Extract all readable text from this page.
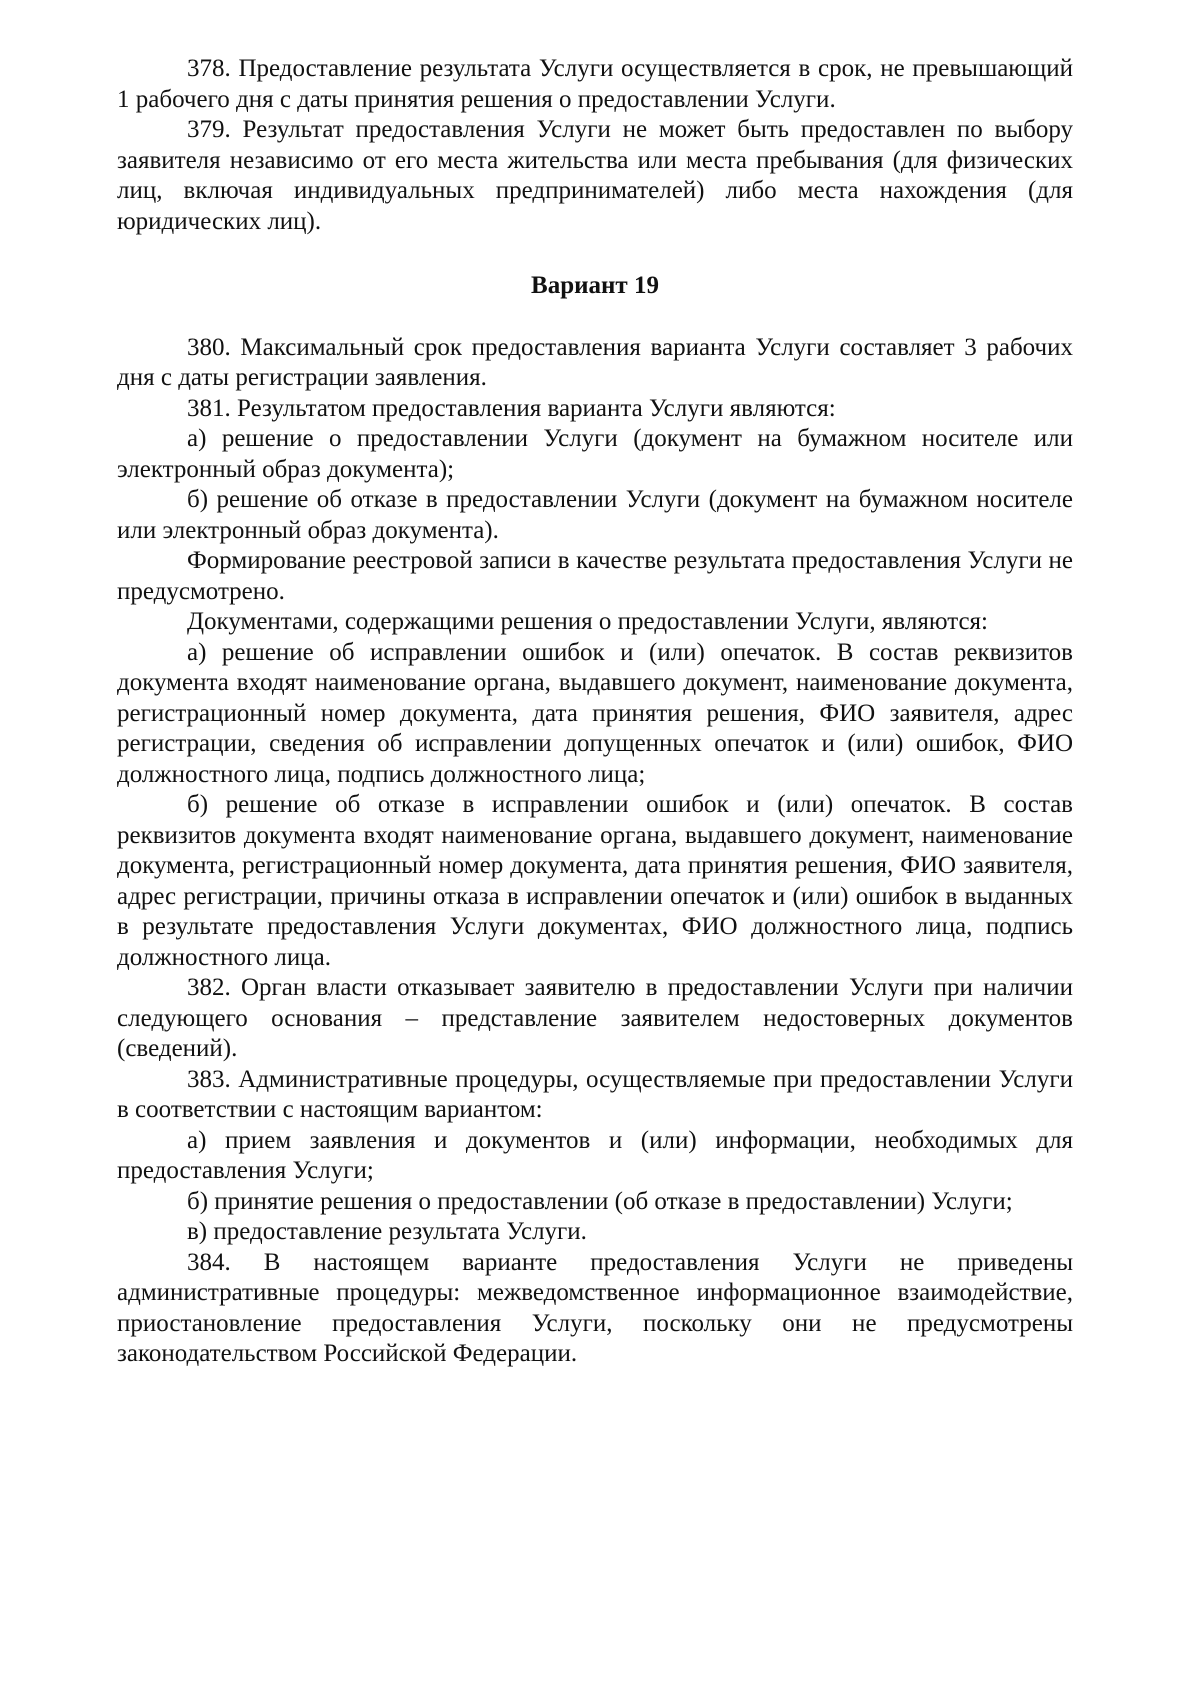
378. Предоставление результата Услуги осуществляется в срок, не превышающий 1 рабочего дня с даты принятия решения о предоставлении Услуги.

379. Результат предоставления Услуги не может быть предоставлен по выбору заявителя независимо от его места жительства или места пребывания (для физических лиц, включая индивидуальных предпринимателей) либо места нахождения (для юридических лиц).

Вариант 19

380. Максимальный срок предоставления варианта Услуги составляет 3 рабочих дня с даты регистрации заявления.

381. Результатом предоставления варианта Услуги являются:

а) решение о предоставлении Услуги (документ на бумажном носителе или электронный образ документа);

б) решение об отказе в предоставлении Услуги (документ на бумажном носителе или электронный образ документа).

Формирование реестровой записи в качестве результата предоставления Услуги не предусмотрено.

Документами, содержащими решения о предоставлении Услуги, являются:

а) решение об исправлении ошибок и (или) опечаток. В состав реквизитов документа входят наименование органа, выдавшего документ, наименование документа, регистрационный номер документа, дата принятия решения, ФИО заявителя, адрес регистрации, сведения об исправлении допущенных опечаток и (или) ошибок, ФИО должностного лица, подпись должностного лица;

б) решение об отказе в исправлении ошибок и (или) опечаток. В состав реквизитов документа входят наименование органа, выдавшего документ, наименование документа, регистрационный номер документа, дата принятия решения, ФИО заявителя, адрес регистрации, причины отказа в исправлении опечаток и (или) ошибок в выданных в результате предоставления Услуги документах, ФИО должностного лица, подпись должностного лица.

382. Орган власти отказывает заявителю в предоставлении Услуги при наличии следующего основания – представление заявителем недостоверных документов (сведений).

383. Административные процедуры, осуществляемые при предоставлении Услуги в соответствии с настоящим вариантом:

а) прием заявления и документов и (или) информации, необходимых для предоставления Услуги;

б) принятие решения о предоставлении (об отказе в предоставлении) Услуги;

в) предоставление результата Услуги.

384. В настоящем варианте предоставления Услуги не приведены административные процедуры: межведомственное информационное взаимодействие, приостановление предоставления Услуги, поскольку они не предусмотрены законодательством Российской Федерации.
